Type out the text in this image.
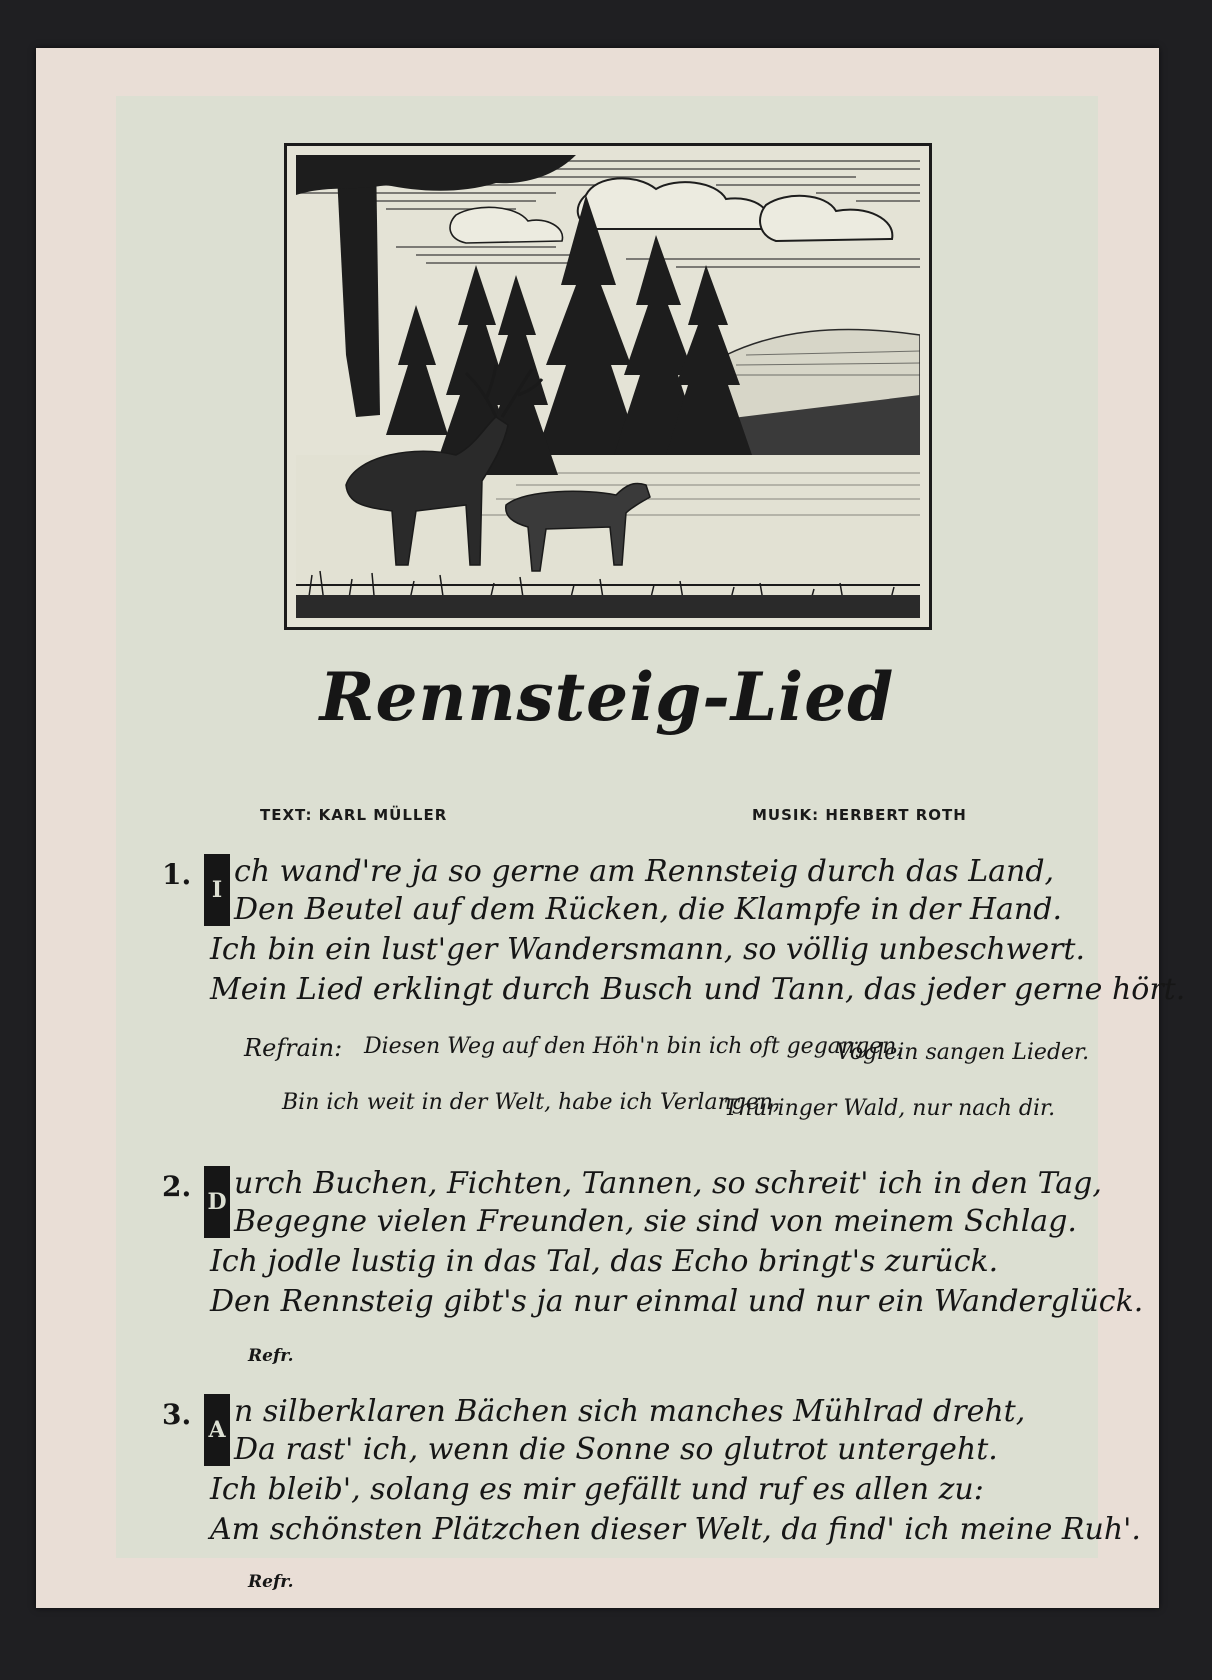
Rennsteig-Lied
TEXT: KARL MÜLLER	MUSIK: HERBERT ROTH
1. I
ch wand're ja so gerne am Rennsteig durch das Land,
Den Beutel auf dem Rücken, die Klampfe in der Hand.
Ich bin ein lust'ger Wandersmann, so völlig unbeschwert.
Mein Lied erklingt durch Busch und Tann, das jeder gerne hört.
Refrain: Diesen Weg auf den Höh'n bin ich oft gegangen,
Vöglein sangen Lieder.
Bin ich weit in der Welt, habe ich Verlangen,
Thüringer Wald, nur nach dir.
2. D
urch Buchen, Fichten, Tannen, so schreit' ich in den Tag,
Begegne vielen Freunden, sie sind von meinem Schlag.
Ich jodle lustig in das Tal, das Echo bringt's zurück.
Den Rennsteig gibt's ja nur einmal und nur ein Wanderglück.
Refr.
3. A
n silberklaren Bächen sich manches Mühlrad dreht,
Da rast' ich, wenn die Sonne so glutrot untergeht.
Ich bleib', solang es mir gefällt und ruf es allen zu:
Am schönsten Plätzchen dieser Welt, da find' ich meine Ruh'.
Refr.
